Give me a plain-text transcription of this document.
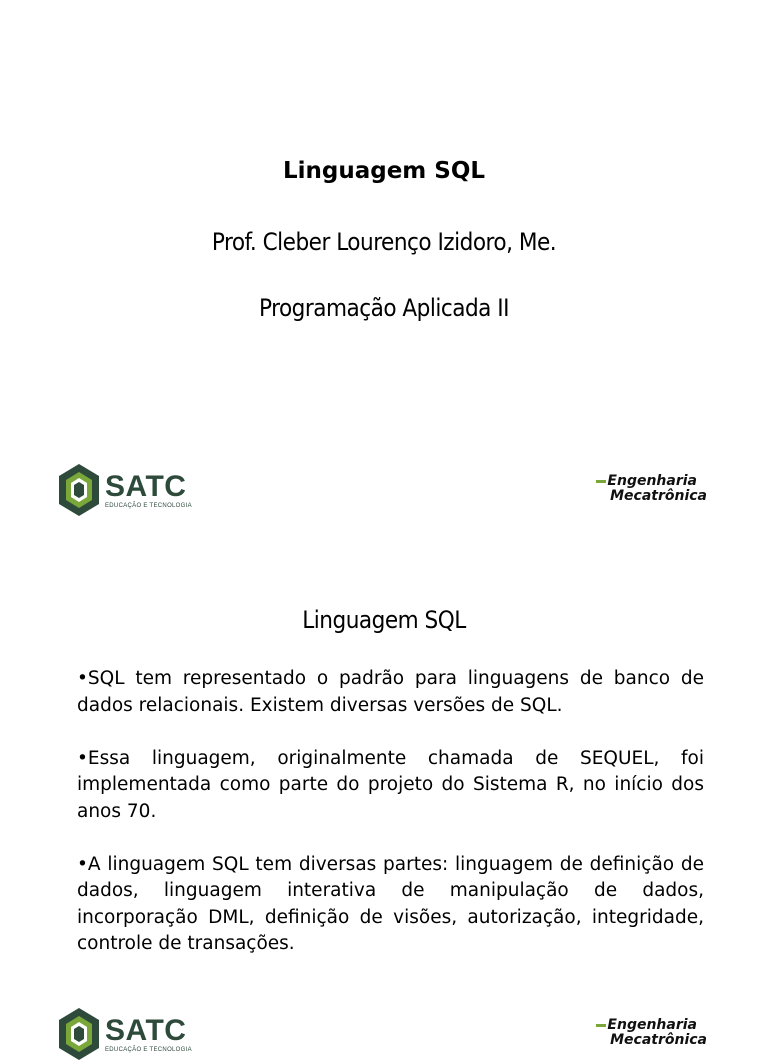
Linguagem SQL
Prof. Cleber Lourenço Izidoro, Me.
Programação Aplicada II
SATC
EDUCAÇÃO E TECNOLOGIA
Engenharia
Mecatrônica
Linguagem SQL

•SQL tem representado o padrão para linguagens de banco de dados relacionais. Existem diversas versões de SQL.

•Essa linguagem, originalmente chamada de SEQUEL, foi implementada como parte do projeto do Sistema R, no início dos anos 70.

•A linguagem SQL tem diversas partes: linguagem de definição de dados, linguagem interativa de manipulação de dados, incorporação DML, definição de visões, autorização, integridade, controle de transações.

SATC
EDUCAÇÃO E TECNOLOGIA
Engenharia
Mecatrônica
